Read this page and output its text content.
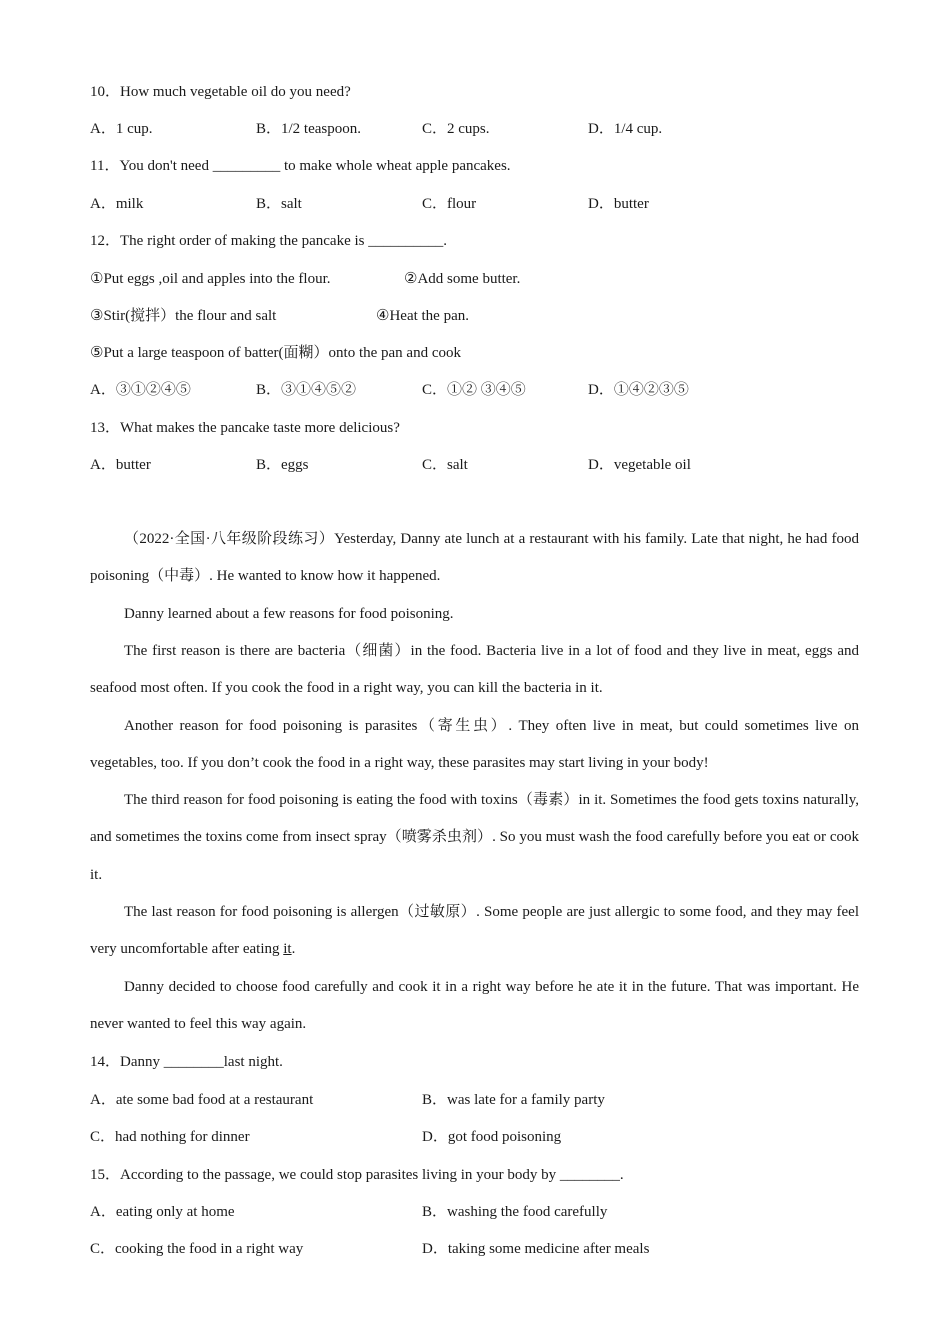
10．How much vegetable oil do you need?
A．1 cup.	B．1/2 teaspoon.	C．2 cups.	D．1/4 cup.
11．You don't need _________ to make whole wheat apple pancakes.
A．milk	B．salt	C．flour	D．butter
12．The right order of making the pancake is __________.
①Put eggs ,oil and apples into the flour.	②Add some butter.
③Stir(搅拌）the flour and salt	④Heat the pan.
⑤Put a large teaspoon of batter(面糊）onto the pan and cook
A．③①②④⑤	B．③①④⑤②	C．①② ③④⑤	D．①④②③⑤
13．What makes the pancake taste more delicious?
A．butter	B．eggs	C．salt	D．vegetable oil
（2022·全国·八年级阶段练习）Yesterday, Danny ate lunch at a restaurant with his family. Late that night, he had food poisoning（中毒）. He wanted to know how it happened.
Danny learned about a few reasons for food poisoning.
The first reason is there are bacteria（细菌）in the food. Bacteria live in a lot of food and they live in meat, eggs and seafood most often. If you cook the food in a right way, you can kill the bacteria in it.
Another reason for food poisoning is parasites（寄生虫）. They often live in meat, but could sometimes live on vegetables, too. If you don’t cook the food in a right way, these parasites may start living in your body!
The third reason for food poisoning is eating the food with toxins（毒素）in it. Sometimes the food gets toxins naturally, and sometimes the toxins come from insect spray（喷雾杀虫剂）. So you must wash the food carefully before you eat or cook it.
The last reason for food poisoning is allergen（过敏原）. Some people are just allergic to some food, and they may feel very uncomfortable after eating it.
Danny decided to choose food carefully and cook it in a right way before he ate it in the future. That was important. He never wanted to feel this way again.
14．Danny ________last night.
A．ate some bad food at a restaurant	B．was late for a family party
C．had nothing for dinner	D．got food poisoning
15．According to the passage, we could stop parasites living in your body by ________.
A．eating only at home	B．washing the food carefully
C．cooking the food in a right way	D．taking some medicine after meals
